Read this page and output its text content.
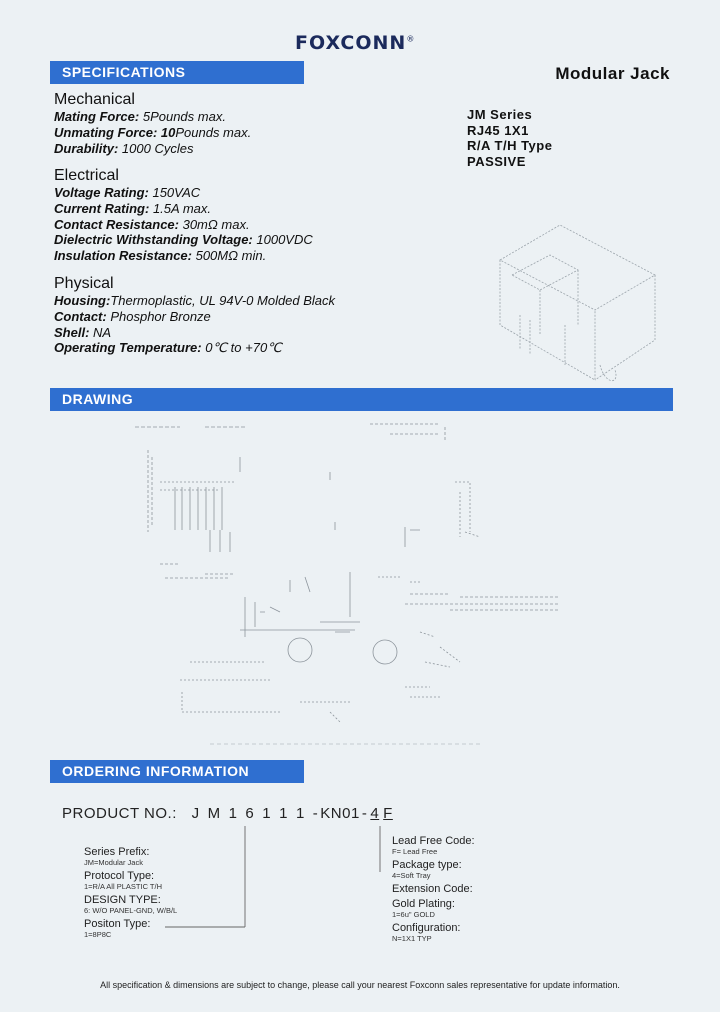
FOXCONN®
SPECIFICATIONS	Modular Jack
JM Series
RJ45 1X1
R/A T/H Type
PASSIVE
Mechanical
Mating Force: 5Pounds max.
Unmating Force: 10Pounds max.
Durability: 1000 Cycles
Electrical
Voltage Rating: 150VAC
Current Rating: 1.5A max.
Contact Resistance: 30mΩ max.
Dielectric Withstanding Voltage: 1000VDC
Insulation Resistance: 500MΩ min.
Physical
Housing:Thermoplastic, UL 94V-0 Molded Black
Contact: Phosphor Bronze
Shell: NA
Operating Temperature: 0℃ to +70℃
DRAWING
ORDERING INFORMATION
PRODUCT NO.: J M 1 6 1 1 1 - KN01 - 4 F
Series Prefix:
JM=Modular Jack
Protocol Type:
1=R/A All PLASTIC T/H
DESIGN TYPE:
6: W/O PANEL-GND, W/B/L
Positon Type:
1=8P8C
Lead Free Code:
F= Lead Free
Package type:
4=Soft Tray
Extension Code:
Gold Plating:
1=6u" GOLD
Configuration:
N=1X1 TYP
All specification & dimensions are subject to change, please call your nearest Foxconn sales representative for update information.
